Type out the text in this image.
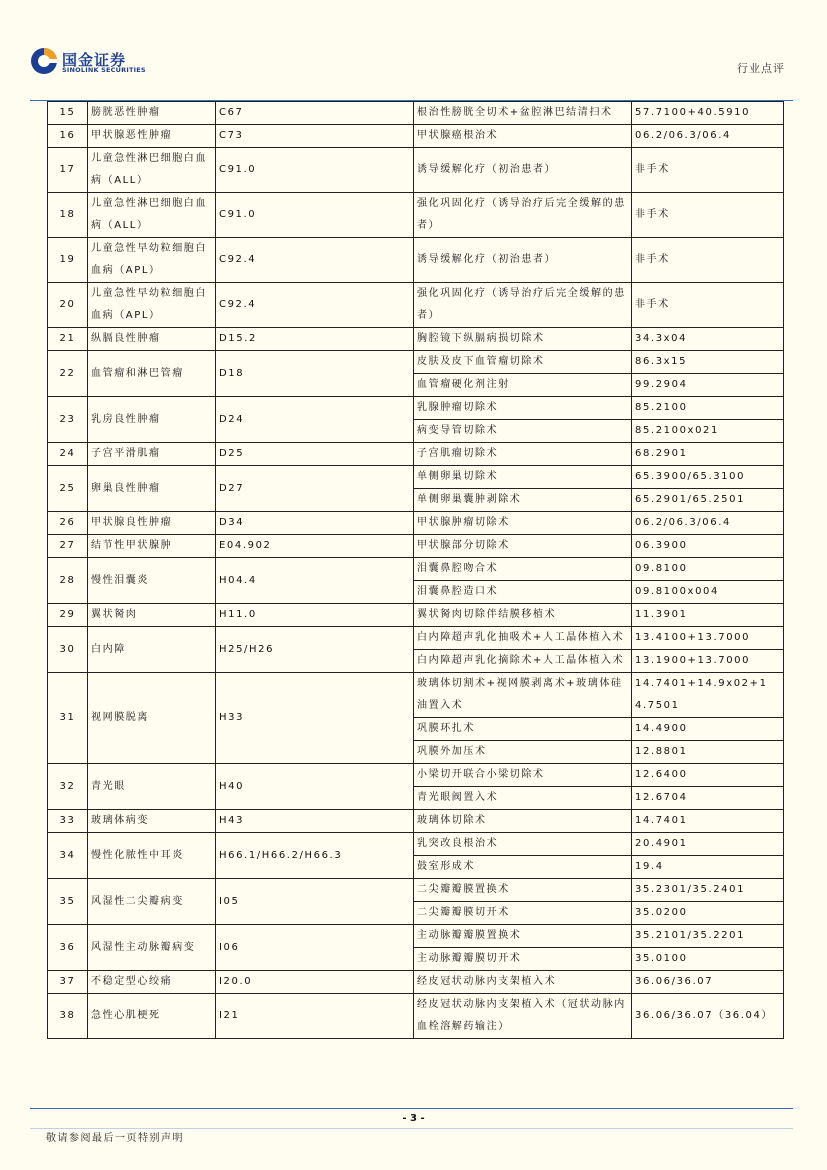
国金证券
SINOLINK SECURITIES	行业点评
15	膀胱恶性肿瘤	C67	根治性膀胱全切术+盆腔淋巴结清扫术	57.7100+40.5910
16	甲状腺恶性肿瘤	C73	甲状腺癌根治术	06.2/06.3/06.4
17	儿童急性淋巴细胞白血病（ALL）	C91.0	诱导缓解化疗（初治患者）	非手术
18	儿童急性淋巴细胞白血病（ALL）	C91.0	强化巩固化疗（诱导治疗后完全缓解的患者）	非手术
19	儿童急性早幼粒细胞白血病（APL）	C92.4	诱导缓解化疗（初治患者）	非手术
20	儿童急性早幼粒细胞白血病（APL）	C92.4	强化巩固化疗（诱导治疗后完全缓解的患者）	非手术
21	纵膈良性肿瘤	D15.2	胸腔镜下纵膈病损切除术	34.3x04
22	血管瘤和淋巴管瘤	D18	皮肤及皮下血管瘤切除术	86.3x15
			血管瘤硬化剂注射	99.2904
23	乳房良性肿瘤	D24	乳腺肿瘤切除术	85.2100
			病变导管切除术	85.2100x021
24	子宫平滑肌瘤	D25	子宫肌瘤切除术	68.2901
25	卵巢良性肿瘤	D27	单侧卵巢切除术	65.3900/65.3100
			单侧卵巢囊肿剥除术	65.2901/65.2501
26	甲状腺良性肿瘤	D34	甲状腺肿瘤切除术	06.2/06.3/06.4
27	结节性甲状腺肿	E04.902	甲状腺部分切除术	06.3900
28	慢性泪囊炎	H04.4	泪囊鼻腔吻合术	09.8100
			泪囊鼻腔造口术	09.8100x004
29	翼状胬肉	H11.0	翼状胬肉切除伴结膜移植术	11.3901
30	白内障	H25/H26	白内障超声乳化抽吸术+人工晶体植入术	13.4100+13.7000
			白内障超声乳化摘除术+人工晶体植入术	13.1900+13.7000
31	视网膜脱离	H33	玻璃体切割术+视网膜剥离术+玻璃体硅油置入术	14.7401+14.9x02+14.7501
			巩膜环扎术	14.4900
			巩膜外加压术	12.8801
32	青光眼	H40	小梁切开联合小梁切除术	12.6400
			青光眼阀置入术	12.6704
33	玻璃体病变	H43	玻璃体切除术	14.7401
34	慢性化脓性中耳炎	H66.1/H66.2/H66.3	乳突改良根治术	20.4901
			鼓室形成术	19.4
35	风湿性二尖瓣病变	I05	二尖瓣瓣膜置换术	35.2301/35.2401
			二尖瓣瓣膜切开术	35.0200
36	风湿性主动脉瓣病变	I06	主动脉瓣瓣膜置换术	35.2101/35.2201
			主动脉瓣瓣膜切开术	35.0100
37	不稳定型心绞痛	I20.0	经皮冠状动脉内支架植入术	36.06/36.07
38	急性心肌梗死	I21	经皮冠状动脉内支架植入术（冠状动脉内血栓溶解药输注）	36.06/36.07（36.04）
- 3 -
敬请参阅最后一页特别声明
